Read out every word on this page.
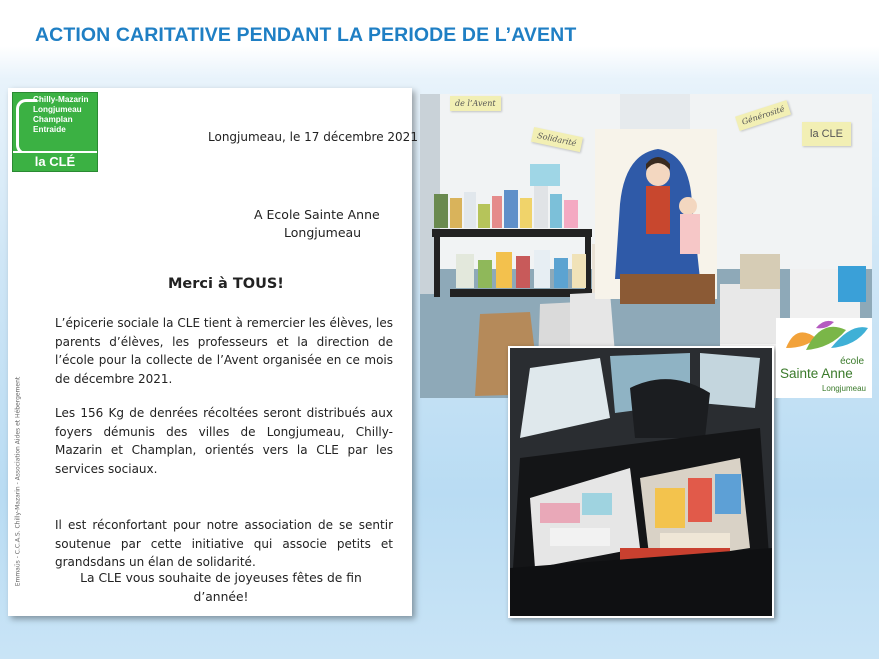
ACTION CARITATIVE PENDANT LA PERIODE DE L’AVENT
Chilly-Mazarin
Longjumeau
Champlan
Entraide
la CLÉ
Longjumeau, le 17 décembre 2021
A Ecole Sainte Anne
Longjumeau
Merci à TOUS!
L’épicerie sociale la CLE tient à remercier les élèves, les parents d’élèves, les professeurs et la direction de l’école pour la collecte de l’Avent organisée en ce mois de décembre 2021.
Les 156 Kg de denrées récoltées seront distribués aux foyers démunis des villes de Longjumeau, Chilly-Mazarin et Champlan, orientés vers la CLE par les services sociaux.
Il est réconfortant pour notre association de se sentir soutenue par cette initiative qui associe petits et grandsdans un élan de solidarité.
La CLE vous souhaite de joyeuses fêtes de fin d’année!
Emmaüs - C.C.A.S. Chilly-Mazarin - Association Aides et Hébergement
de l’Avent
Solidarité
Générosité
la CLE
école
Sainte Anne
Longjumeau
